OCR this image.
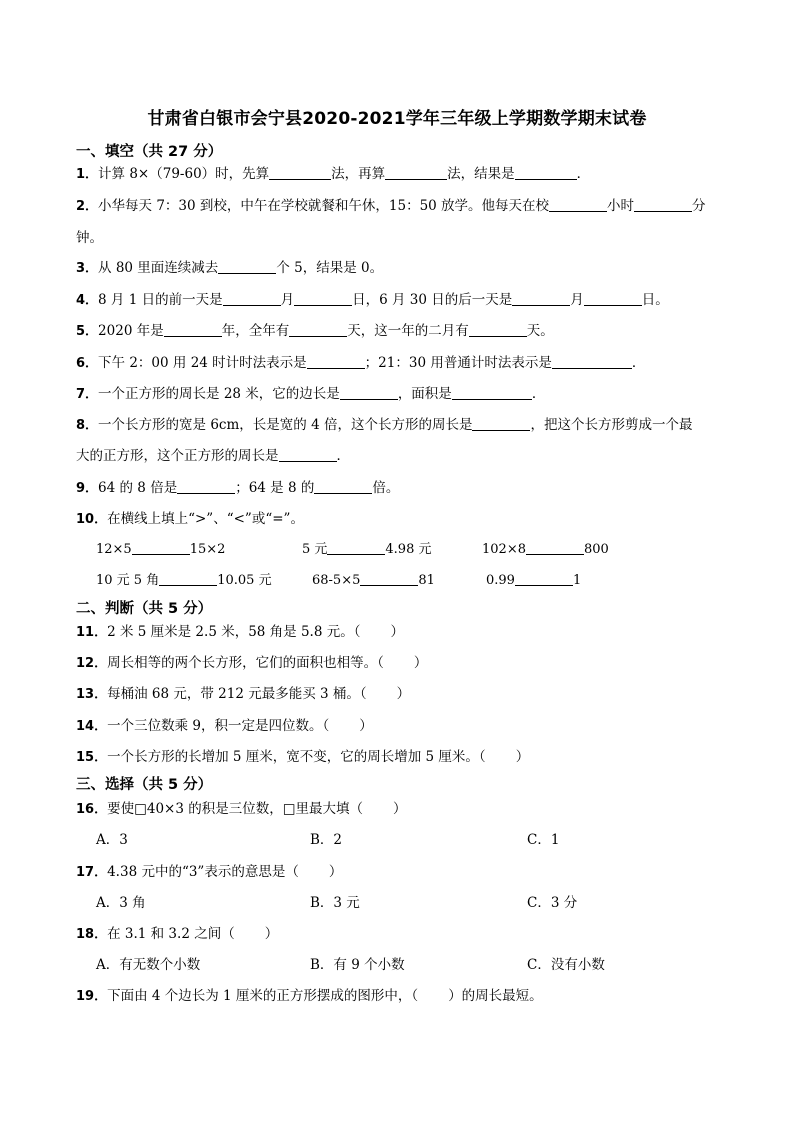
甘肃省白银市会宁县2020-2021学年三年级上学期数学期末试卷
一、填空（共 27 分）
1．计算 8×（79-60）时，先算	法，再算	法，结果是	．
2．小华每天 7：30 到校，中午在学校就餐和午休，15：50 放学。他每天在校	小时	分
钟。
3．从 80 里面连续减去	个 5，结果是 0。
4．8 月 1 日的前一天是	月	日，6 月 30 日的后一天是	月	日。
5．2020 年是	年，全年有	天，这一年的二月有	天。
6．下午 2：00 用 24 时计时法表示是	；21：30 用普通计时法表示是	．
7．一个正方形的周长是 28 米，它的边长是	，面积是	．
8．一个长方形的宽是 6cm，长是宽的 4 倍，这个长方形的周长是	，把这个长方形剪成一个最
大的正方形，这个正方形的周长是	．
9．64 的 8 倍是	；64 是 8 的	倍。
10．在横线上填上“>”、“<”或“=”。
12×5	15×2	5 元	4.98 元	102×8	800
10 元 5 角	10.05 元	68-5×5	81	0.99	1
二、判断（共 5 分）
11．2 米 5 厘米是 2.5 米，58 角是 5.8 元。（ ）
12．周长相等的两个长方形，它们的面积也相等。（ ）
13．每桶油 68 元，带 212 元最多能买 3 桶。（ ）
14．一个三位数乘 9，积一定是四位数。（ ）
15．一个长方形的长增加 5 厘米，宽不变，它的周长增加 5 厘米。（ ）
三、选择（共 5 分）
16．要使□40×3 的积是三位数，□里最大填（ ）
A．3	B．2	C．1
17．4.38 元中的“3”表示的意思是（ ）
A．3 角	B．3 元	C．3 分
18．在 3.1 和 3.2 之间（ ）
A．有无数个小数	B．有 9 个小数	C．没有小数
19．下面由 4 个边长为 1 厘米的正方形摆成的图形中，（ ）的周长最短。
